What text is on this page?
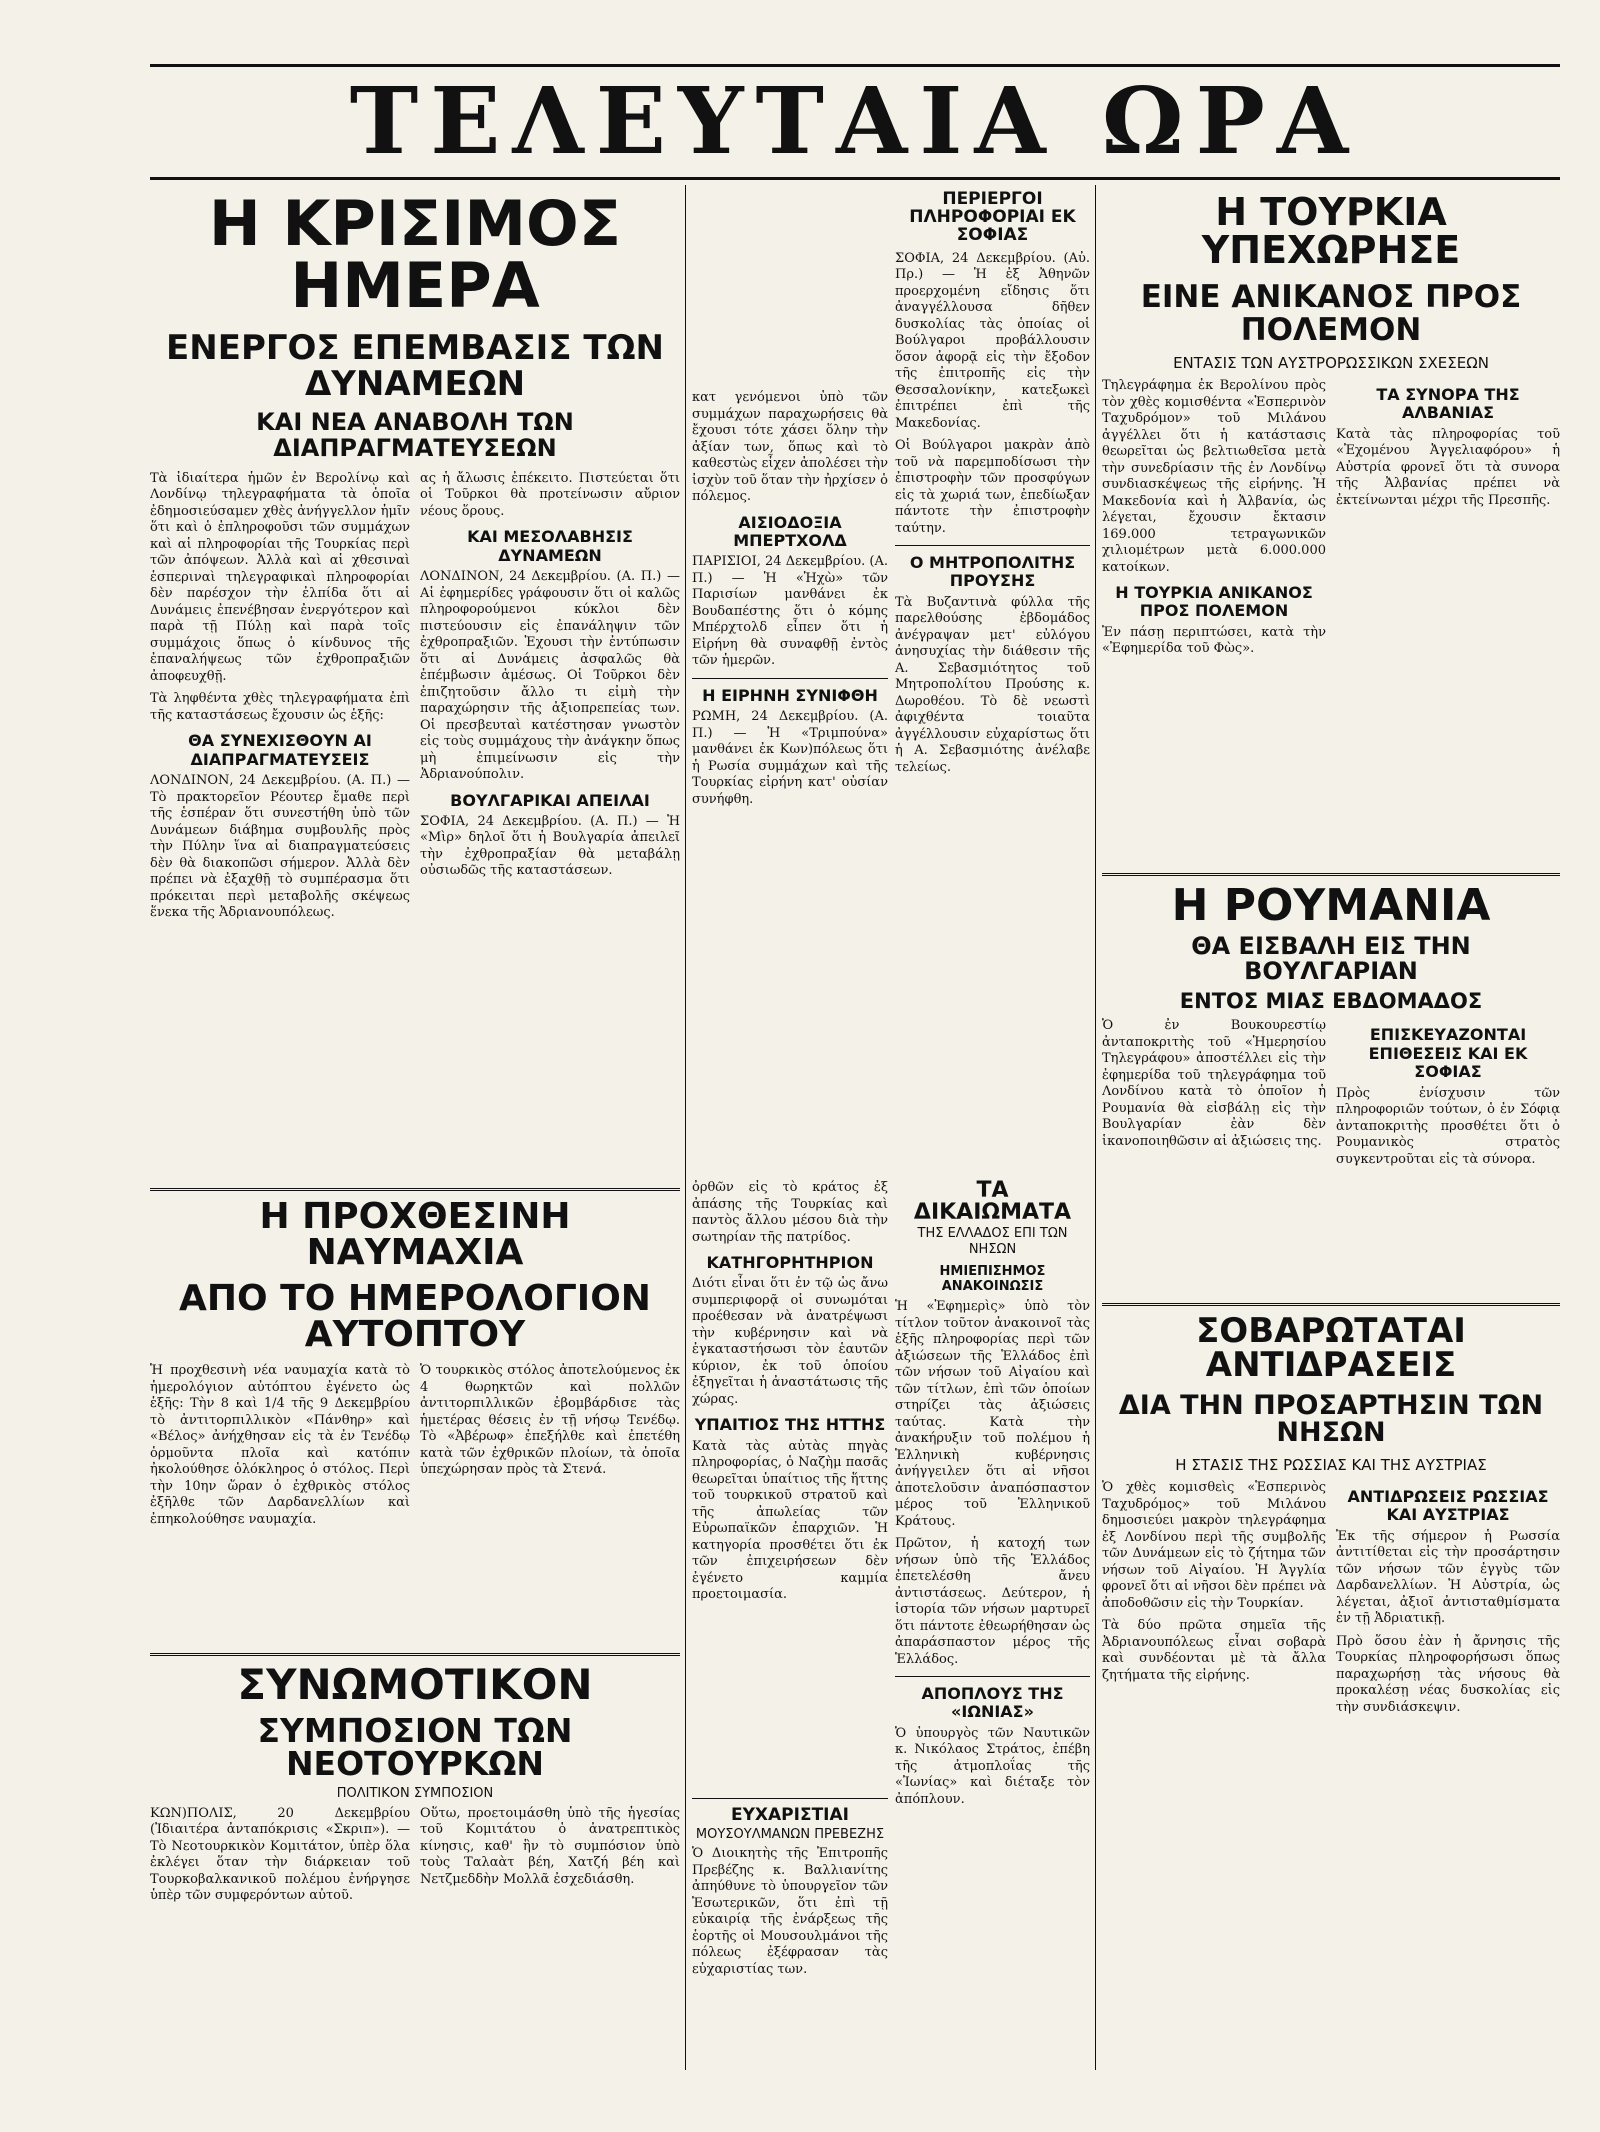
ΤΕΛΕΥΤΑΙΑ ΩΡΑ
Η ΚΡΙΣΙΜΟΣ ΗΜΕΡΑ
ΕΝΕΡΓΟΣ ΕΠΕΜΒΑΣΙΣ ΤΩΝ ΔΥΝΑΜΕΩΝ
ΚΑΙ ΝΕΑ ΑΝΑΒΟΛΗ ΤΩΝ ΔΙΑΠΡΑΓΜΑΤΕΥΣΕΩΝ

Τὰ ἰδιαίτερα ἡμῶν ἐν Βερολίνῳ καὶ Λονδίνῳ τηλεγραφήματα τὰ ὁποῖα ἐδημοσιεύσαμεν χθὲς ἀνήγγελλον ἡμῖν ὅτι καὶ ὁ ἐπληροφοῦσι τῶν συμμάχων καὶ αἱ πληροφορίαι τῆς Τουρκίας περὶ τῶν ἀπόψεων. Ἀλλὰ καὶ αἱ χθεσιναὶ ἑσπεριναὶ τηλεγραφικαὶ πληροφορίαι δὲν παρέσχον τὴν ἐλπίδα ὅτι αἱ Δυνάμεις ἐπενέβησαν ἐνεργότερον καὶ παρὰ τῇ Πύλῃ καὶ παρὰ τοῖς συμμάχοις ὅπως ὁ κίνδυνος τῆς ἐπαναλήψεως τῶν ἐχθροπραξιῶν ἀποφευχθῇ.

Τὰ ληφθέντα χθὲς τηλεγραφήματα ἐπὶ τῆς καταστάσεως ἔχουσιν ὡς ἑξῆς:

ΘΑ ΣΥΝΕΧΙΣΘΟΥΝ ΑΙ ΔΙΑΠΡΑΓΜΑΤΕΥΣΕΙΣ

ΛΟΝΔΙΝΟΝ, 24 Δεκεμβρίου. (Α. Π.) — Τὸ πρακτορεῖον Ρέουτερ ἔμαθε περὶ τῆς ἑσπέραν ὅτι συνεστήθη ὑπὸ τῶν Δυνάμεων διάβημα συμβουλῆς πρὸς τὴν Πύλην ἵνα αἱ διαπραγματεύσεις δὲν θὰ διακοπῶσι σήμερον. Ἀλλὰ δὲν πρέπει νὰ ἐξαχθῇ τὸ συμπέρασμα ὅτι πρόκειται περὶ μεταβολῆς σκέψεως ἕνεκα τῆς Ἀδριανουπόλεως.

ας ἡ ἄλωσις ἐπέκειτο. Πιστεύεται ὅτι οἱ Τοῦρκοι θὰ προτείνωσιν αὔριον νέους ὅρους.

ΚΑΙ ΜΕΣΟΛΑΒΗΣΙΣ ΔΥΝΑΜΕΩΝ

ΛΟΝΔΙΝΟΝ, 24 Δεκεμβρίου. (Α. Π.) — Αἱ ἐφημερίδες γράφουσιν ὅτι οἱ καλῶς πληροφορούμενοι κύκλοι δὲν πιστεύουσιν εἰς ἐπανάληψιν τῶν ἐχθροπραξιῶν. Ἐχουσι τὴν ἐντύπωσιν ὅτι αἱ Δυνάμεις ἀσφαλῶς θὰ ἐπέμβωσιν ἀμέσως. Οἱ Τοῦρκοι δὲν ἐπιζητοῦσιν ἄλλο τι εἰμὴ τὴν παραχώρησιν τῆς ἀξιοπρεπείας των. Οἱ πρεσβευταὶ κατέστησαν γνωστὸν εἰς τοὺς συμμάχους τὴν ἀνάγκην ὅπως μὴ ἐπιμείνωσιν εἰς τὴν Ἀδριανούπολιν.

ΒΟΥΛΓΑΡΙΚΑΙ ΑΠΕΙΛΑΙ

ΣΟΦΙΑ, 24 Δεκεμβρίου. (Α. Π.) — Ἡ «Μὶρ» δηλοῖ ὅτι ἡ Βουλγαρία ἀπειλεῖ τὴν ἐχθροπραξίαν θὰ μεταβάλῃ οὐσιωδῶς τῆς καταστάσεων.

κατ γενόμενοι ὑπὸ τῶν συμμάχων παραχωρήσεις θὰ ἔχουσι τότε χάσει ὅλην τὴν ἀξίαν των, ὅπως καὶ τὸ καθεστὼς εἶχεν ἀπολέσει τὴν ἰσχὺν τοῦ ὅταν τὴν ἠρχίσεν ὁ πόλεμος.

ΑΙΣΙΟΔΟΞΙΑ ΜΠΕΡΤΧΟΛΔ

ΠΑΡΙΣΙΟΙ, 24 Δεκεμβρίου. (Α. Π.) — Ἡ «Ἠχὼ» τῶν Παρισίων μανθάνει ἐκ Βουδαπέστης ὅτι ὁ κόμης Μπέρχτολδ εἶπεν ὅτι ἡ Εἰρήνη θὰ συναφθῇ ἐντὸς τῶν ἡμερῶν.

Η ΕΙΡΗΝΗ ΣΥΝΙΦΘΗ

ΡΩΜΗ, 24 Δεκεμβρίου. (Α. Π.) — Ἡ «Τριμπούνα» μανθάνει ἐκ Κων)πόλεως ὅτι ἡ Ρωσία συμμάχων καὶ τῆς Τουρκίας εἰρήνη κατ' οὐσίαν συνήφθη.

ΠΕΡΙΕΡΓΟΙ ΠΛΗΡΟΦΟΡΙΑΙ ΕΚ ΣΟΦΙΑΣ

ΣΟΦΙΑ, 24 Δεκεμβρίου. (Αὐ. Πρ.) — Ἡ ἐξ Ἀθηνῶν προερχομένη εἴδησις ὅτι ἀναγγέλλουσα δῆθεν δυσκολίας τὰς ὁποίας οἱ Βούλγαροι προβάλλουσιν ὅσον ἀφορᾷ εἰς τὴν ἔξοδον τῆς ἐπιτροπῆς εἰς τὴν Θεσσαλονίκην, κατεξωκεὶ ἐπιτρέπει ἐπὶ τῆς Μακεδονίας.

Οἱ Βούλγαροι μακρὰν ἀπὸ τοῦ νὰ παρεμποδίσωσι τὴν ἐπιστροφὴν τῶν προσφύγων εἰς τὰ χωριά των, ἐπεδίωξαν πάντοτε τὴν ἐπιστροφὴν ταύτην.

Ο ΜΗΤΡΟΠΟΛΙΤΗΣ ΠΡΟΥΣΗΣ

Τὰ Βυζαντινὰ φύλλα τῆς παρελθούσης ἑβδομάδος ἀνέγραψαν μετ' εὐλόγου ἀνησυχίας τὴν διάθεσιν τῆς Α. Σεβασμιότητος τοῦ Μητροπολίτου Προύσης κ. Δωροθέου. Τὸ δὲ νεωστὶ ἀφιχθέντα τοιαῦτα ἀγγέλλουσιν εὐχαρίστως ὅτι ἡ Α. Σεβασμιότης ἀνέλαβε τελείως.

Η ΤΟΥΡΚΙΑ ΥΠΕΧΩΡΗΣΕ
ΕΙΝΕ ΑΝΙΚΑΝΟΣ ΠΡΟΣ ΠΟΛΕΜΟΝ
ΕΝΤΑΣΙΣ ΤΩΝ ΑΥΣΤΡΟΡΩΣΣΙΚΩΝ ΣΧΕΣΕΩΝ

Τηλεγράφημα ἐκ Βερολίνου πρὸς τὸν χθὲς κομισθέντα «Ἑσπερινὸν Ταχυδρόμον» τοῦ Μιλάνου ἀγγέλλει ὅτι ἡ κατάστασις θεωρεῖται ὡς βελτιωθεῖσα μετὰ τὴν συνεδρίασιν τῆς ἐν Λονδίνῳ συνδιασκέψεως τῆς εἰρήνης. Ἡ Μακεδονία καὶ ἡ Ἀλβανία, ὡς λέγεται, ἔχουσιν ἔκτασιν 169.000 τετραγωνικῶν χιλιομέτρων μετὰ 6.000.000 κατοίκων.

Η ΤΟΥΡΚΙΑ ΑΝΙΚΑΝΟΣ ΠΡΟΣ ΠΟΛΕΜΟΝ

Ἐν πάσῃ περιπτώσει, κατὰ τὴν «Ἐφημερίδα τοῦ Φὼς».

ΤΑ ΣΥΝΟΡΑ ΤΗΣ ΑΛΒΑΝΙΑΣ

Κατὰ τὰς πληροφορίας τοῦ «Ἐχομένου Ἀγγελιαφόρου» ἡ Αὐστρία φρονεῖ ὅτι τὰ συνορα τῆς Ἀλβανίας πρέπει νὰ ἐκτείνωνται μέχρι τῆς Πρεσπῆς.

Η ΡΟΥΜΑΝΙΑ
ΘΑ ΕΙΣΒΑΛΗ ΕΙΣ ΤΗΝ ΒΟΥΛΓΑΡΙΑΝ
ΕΝΤΟΣ ΜΙΑΣ ΕΒΔΟΜΑΔΟΣ

Ὁ ἐν Βουκουρεστίῳ ἀνταποκριτὴς τοῦ «Ἡμερησίου Τηλεγράφου» ἀποστέλλει εἰς τὴν ἐφημερίδα τοῦ τηλεγράφημα τοῦ Λονδίνου κατὰ τὸ ὁποῖον ἡ Ρουμανία θὰ εἰσβάλῃ εἰς τὴν Βουλγαρίαν ἐὰν δὲν ἱκανοποιηθῶσιν αἱ ἀξιώσεις της.

ΕΠΙΣΚΕΥΑΖΟΝΤΑΙ ΕΠΙΘΕΣΕΙΣ ΚΑΙ ΕΚ ΣΟΦΙΑΣ

Πρὸς ἐνίσχυσιν τῶν πληροφοριῶν τούτων, ὁ ἐν Σόφιᾳ ἀνταποκριτὴς προσθέτει ὅτι ὁ Ρουμανικὸς στρατὸς συγκεντροῦται εἰς τὰ σύνορα.

Η ΠΡΟΧΘΕΣΙΝΗ ΝΑΥΜΑΧΙΑ
ΑΠΟ ΤΟ ΗΜΕΡΟΛΟΓΙΟΝ ΑΥΤΟΠΤΟΥ

Ἡ προχθεσινὴ νέα ναυμαχία κατὰ τὸ ἡμερολόγιον αὐτόπτου ἐγένετο ὡς ἑξῆς: Τὴν 8 καὶ 1/4 τῆς 9 Δεκεμβρίου τὸ ἀντιτορπιλλικὸν «Πάνθηρ» καὶ «Βέλος» ἀνήχθησαν εἰς τὰ ἐν Τενέδῳ ὁρμοῦντα πλοῖα καὶ κατόπιν ἠκολούθησε ὁλόκληρος ὁ στόλος. Περὶ τὴν 10ην ὥραν ὁ ἐχθρικὸς στόλος ἐξῆλθε τῶν Δαρδανελλίων καὶ ἐπηκολούθησε ναυμαχία.

Ὁ τουρκικὸς στόλος ἀποτελούμενος ἐκ 4 θωρηκτῶν καὶ πολλῶν ἀντιτορπιλλικῶν ἐβομβάρδισε τὰς ἡμετέρας θέσεις ἐν τῇ νήσῳ Τενέδῳ. Τὸ «Ἀβέρωφ» ἐπεξήλθε καὶ ἐπετέθη κατὰ τῶν ἐχθρικῶν πλοίων, τὰ ὁποῖα ὑπεχώρησαν πρὸς τὰ Στενά.

ὀρθῶν εἰς τὸ κράτος ἐξ ἀπάσης τῆς Τουρκίας καὶ παντὸς ἄλλου μέσου διὰ τὴν σωτηρίαν τῆς πατρίδος.

ΚΑΤΗΓΟΡΗΤΗΡΙΟΝ

Διότι εἶναι ὅτι ἐν τῷ ὡς ἄνω συμπεριφορᾷ οἱ συνωμόται προέθεσαν νὰ ἀνατρέψωσι τὴν κυβέρνησιν καὶ νὰ ἐγκαταστήσωσι τὸν ἑαυτῶν κύριον, ἐκ τοῦ ὁποίου ἐξηγεῖται ἡ ἀναστάτωσις τῆς χώρας.

ΥΠΑΙΤΙΟΣ ΤΗΣ ΗΤΤΗΣ

Κατὰ τὰς αὐτὰς πηγὰς πληροφορίας, ὁ Ναζὴμ πασᾶς θεωρεῖται ὑπαίτιος τῆς ἥττης τοῦ τουρκικοῦ στρατοῦ καὶ τῆς ἀπωλείας τῶν Εὐρωπαϊκῶν ἐπαρχιῶν. Ἡ κατηγορία προσθέτει ὅτι ἐκ τῶν ἐπιχειρήσεων δὲν ἐγένετο καμμία προετοιμασία.

ΤΑ ΔΙΚΑΙΩΜΑΤΑ
ΤΗΣ ΕΛΛΑΔΟΣ ΕΠΙ ΤΩΝ ΝΗΣΩΝ
ΗΜΙΕΠΙΣΗΜΟΣ ΑΝΑΚΟΙΝΩΣΙΣ

Ἡ «Ἐφημερὶς» ὑπὸ τὸν τίτλον τοῦτον ἀνακοινοῖ τὰς ἑξῆς πληροφορίας περὶ τῶν ἀξιώσεων τῆς Ἑλλάδος ἐπὶ τῶν νήσων τοῦ Αἰγαίου καὶ τῶν τίτλων, ἐπὶ τῶν ὁποίων στηρίζει τὰς ἀξιώσεις ταύτας. Κατὰ τὴν ἀνακήρυξιν τοῦ πολέμου ἡ Ἑλληνικὴ κυβέρνησις ἀνήγγειλεν ὅτι αἱ νῆσοι ἀποτελοῦσιν ἀναπόσπαστον μέρος τοῦ Ἑλληνικοῦ Κράτους.

Πρῶτον, ἡ κατοχή των νήσων ὑπὸ τῆς Ἑλλάδος ἐπετελέσθη ἄνευ ἀντιστάσεως. Δεύτερον, ἡ ἱστορία τῶν νήσων μαρτυρεῖ ὅτι πάντοτε ἐθεωρήθησαν ὡς ἀπαράσπαστον μέρος τῆς Ἑλλάδος.

ΑΠΟΠΛΟΥΣ ΤΗΣ «ΙΩΝΙΑΣ»

Ὁ ὑπουργὸς τῶν Ναυτικῶν κ. Νικόλαος Στράτος, ἐπέβη τῆς ἀτμοπλοΐας τῆς «Ἰωνίας» καὶ διέταξε τὸν ἀπόπλουν.

ΣΟΒΑΡΩΤΑΤΑΙ ΑΝΤΙΔΡΑΣΕΙΣ
ΔΙΑ ΤΗΝ ΠΡΟΣΑΡΤΗΣΙΝ ΤΩΝ ΝΗΣΩΝ
Η ΣΤΑΣΙΣ ΤΗΣ ΡΩΣΣΙΑΣ ΚΑΙ ΤΗΣ ΑΥΣΤΡΙΑΣ

Ὁ χθὲς κομισθεὶς «Ἑσπερινὸς Ταχυδρόμος» τοῦ Μιλάνου δημοσιεύει μακρὸν τηλεγράφημα ἐξ Λονδίνου περὶ τῆς συμβολῆς τῶν Δυνάμεων εἰς τὸ ζήτημα τῶν νήσων τοῦ Αἰγαίου. Ἡ Ἀγγλία φρονεῖ ὅτι αἱ νῆσοι δὲν πρέπει νὰ ἀποδοθῶσιν εἰς τὴν Τουρκίαν.

Τὰ δύο πρῶτα σημεῖα τῆς Ἀδριανουπόλεως εἶναι σοβαρὰ καὶ συνδέονται μὲ τὰ ἄλλα ζητήματα τῆς εἰρήνης.

ΑΝΤΙΔΡΩΣΕΙΣ ΡΩΣΣΙΑΣ ΚΑΙ ΑΥΣΤΡΙΑΣ

Ἐκ τῆς σήμερον ἡ Ρωσσία ἀντιτίθεται εἰς τὴν προσάρτησιν τῶν νήσων τῶν ἐγγὺς τῶν Δαρδανελλίων. Ἡ Αὐστρία, ὡς λέγεται, ἀξιοῖ ἀντισταθμίσματα ἐν τῇ Ἀδριατικῇ.

Πρὸ ὅσου ἐὰν ἡ ἄρνησις τῆς Τουρκίας πληροφορήσωσι ὅπως παραχωρήσῃ τὰς νήσους θὰ προκαλέσῃ νέας δυσκολίας εἰς τὴν συνδιάσκεψιν.

ΣΥΝΩΜΟΤΙΚΟΝ
ΣΥΜΠΟΣΙΟΝ ΤΩΝ ΝΕΟΤΟΥΡΚΩΝ
ΠΟΛΙΤΙΚΟΝ ΣΥΜΠΟΣΙΟΝ

ΚΩΝ)ΠΟΛΙΣ, 20 Δεκεμβρίου (Ἰδιαιτέρα ἀνταπόκρισις «Σκριπ»). — Τὸ Νεοτουρκικὸν Κομιτάτον, ὑπὲρ ὅλα ἐκλέγει ὅταν τὴν διάρκειαν τοῦ Τουρκοβαλκανικοῦ πολέμου ἐνήργησε ὑπὲρ τῶν συμφερόντων αὐτοῦ.

Οὕτω, προετοιμάσθη ὑπὸ τῆς ἡγεσίας τοῦ Κομιτάτου ὁ ἀνατρεπτικὸς κίνησις, καθ' ἣν τὸ συμπόσιον ὑπὸ τοὺς Ταλαὰτ βέη, Χατζή βέη καὶ Νετζμεδδὴν Μολλᾶ ἐσχεδιάσθη.

ΕΥΧΑΡΙΣΤΙΑΙ
ΜΟΥΣΟΥΛΜΑΝΩΝ ΠΡΕΒΕΖΗΣ

Ὁ Διοικητὴς τῆς Ἐπιτροπῆς Πρεβέζης κ. Βαλλιανίτης ἀπηύθυνε τὸ ὑπουργεῖον τῶν Ἐσωτερικῶν, ὅτι ἐπὶ τῇ εὐκαιρίᾳ τῆς ἐνάρξεως τῆς ἑορτῆς οἱ Μουσουλμάνοι τῆς πόλεως ἐξέφρασαν τὰς εὐχαριστίας των.
